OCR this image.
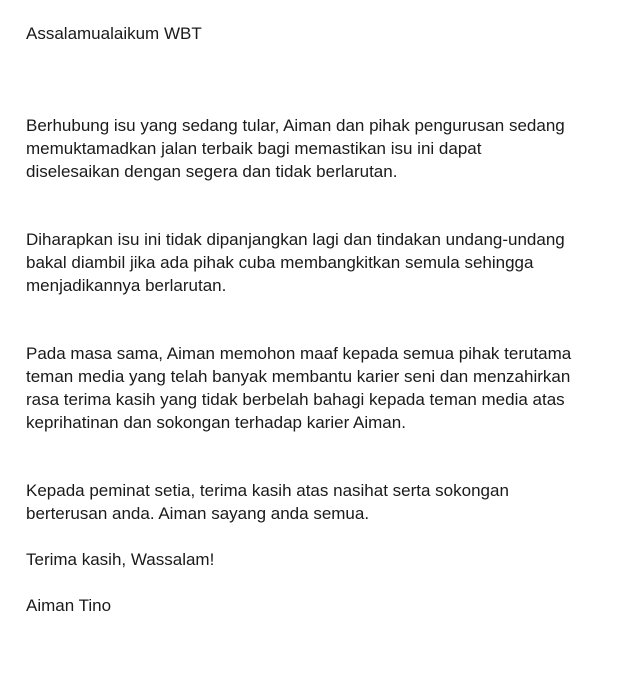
Assalamualaikum WBT
Berhubung isu yang sedang tular, Aiman dan pihak pengurusan sedang
memuktamadkan jalan terbaik bagi memastikan isu ini dapat
diselesaikan dengan segera dan tidak berlarutan.
Diharapkan isu ini tidak dipanjangkan lagi dan tindakan undang-undang
bakal diambil jika ada pihak cuba membangkitkan semula sehingga
menjadikannya berlarutan.
Pada masa sama, Aiman memohon maaf kepada semua pihak terutama
teman media yang telah banyak membantu karier seni dan menzahirkan
rasa terima kasih yang tidak berbelah bahagi kepada teman media atas
keprihatinan dan sokongan terhadap karier Aiman.
Kepada peminat setia, terima kasih atas nasihat serta sokongan
berterusan anda. Aiman sayang anda semua.
Terima kasih, Wassalam!
Aiman Tino
